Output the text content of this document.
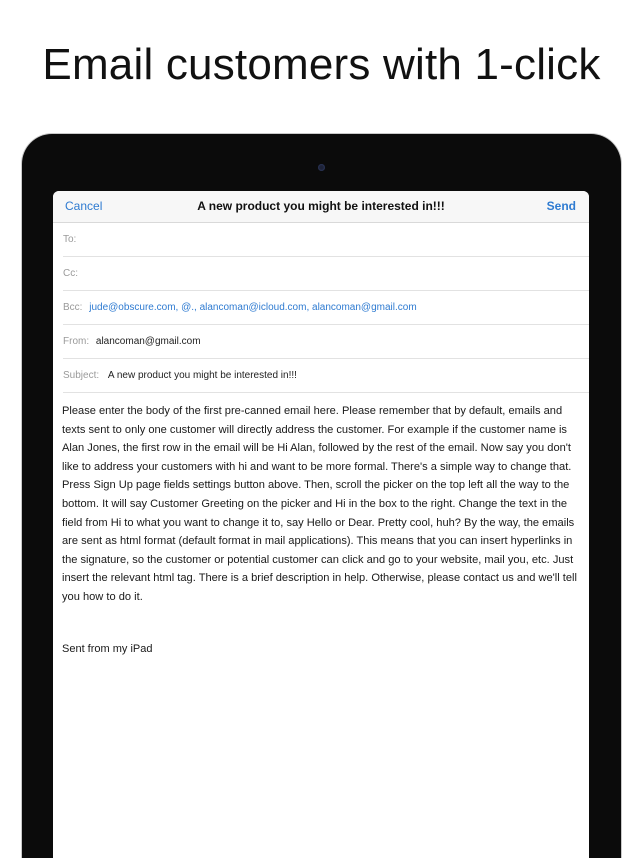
Email customers with 1-click
Cancel	A new product you might be interested in!!!	Send
To:
Cc:
Bcc: jude@obscure.com, @., alancoman@icloud.com, alancoman@gmail.com
From: alancoman@gmail.com
Subject: A new product you might be interested in!!!
Please enter the body of the first pre-canned email here. Please remember that by default, emails and texts sent to only one customer will directly address the customer. For example if the customer name is Alan Jones, the first row in the email will be Hi Alan, followed by the rest of the email. Now say you don't like to address your customers with hi and want to be more formal. There's a simple way to change that. Press Sign Up page fields settings button above. Then, scroll the picker on the top left all the way to the bottom. It will say Customer Greeting on the picker and Hi in the box to the right. Change the text in the field from Hi to what you want to change it to, say Hello or Dear. Pretty cool, huh? By the way, the emails are sent as html format (default format in mail applications). This means that you can insert hyperlinks in the signature, so the customer or potential customer can click and go to your website, mail you, etc. Just insert the relevant html tag. There is a brief description in help. Otherwise, please contact us and we'll tell you how to do it.
Sent from my iPad
